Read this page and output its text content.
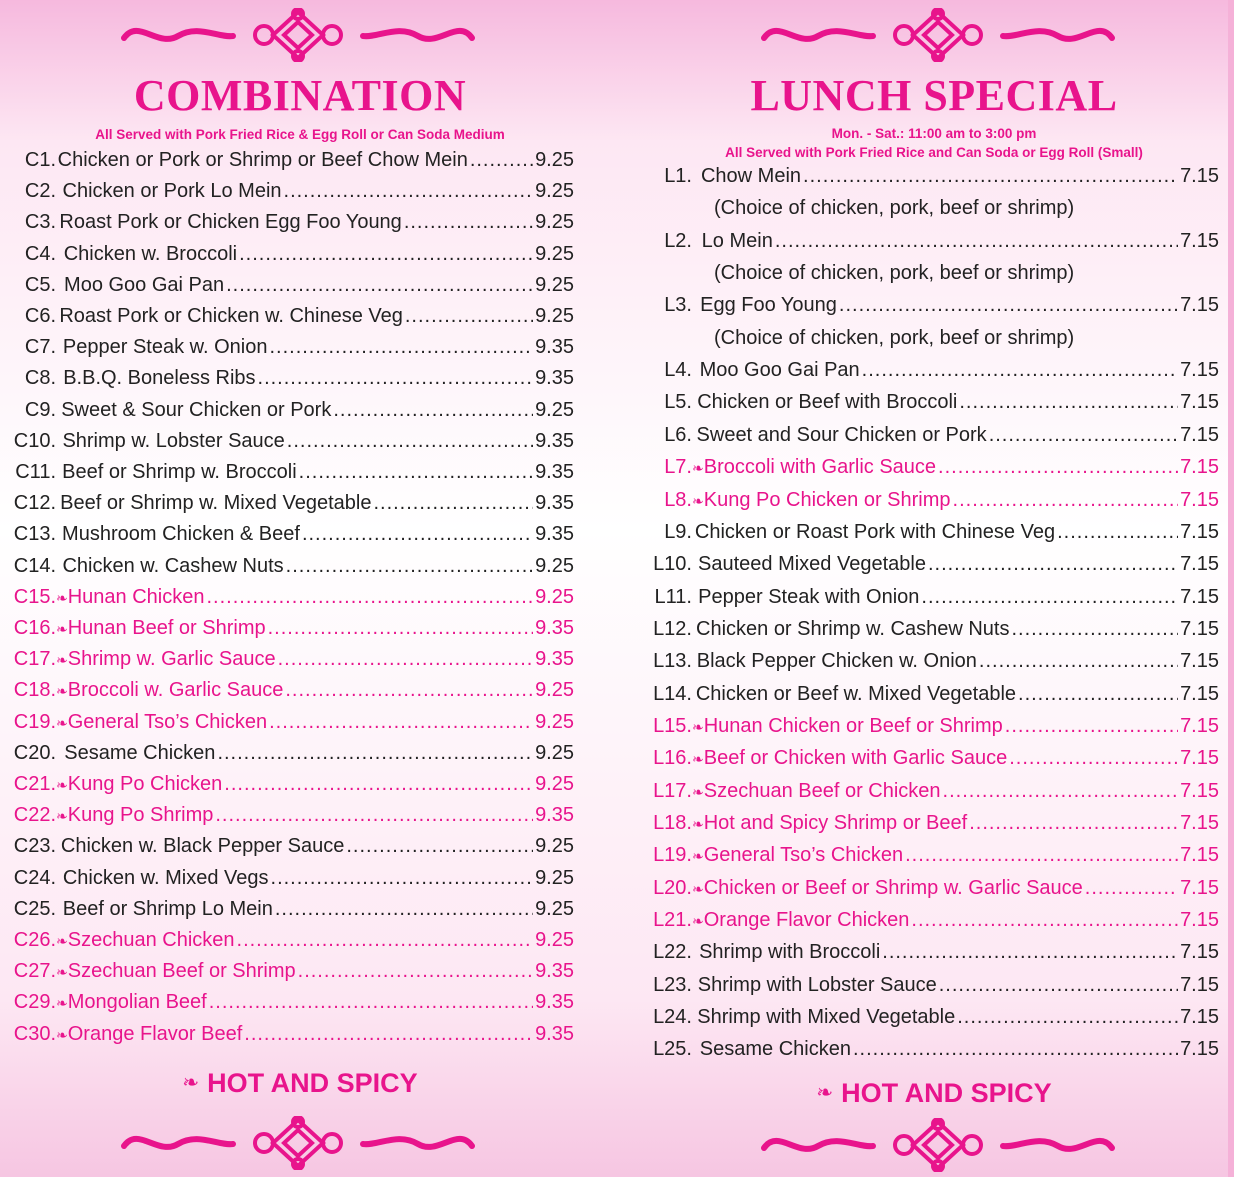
COMBINATION

All Served with Pork Fried Rice & Egg Roll or Can Soda Medium

C1. Chicken or Pork or Shrimp or Beef Chow Mein .....	9.25
C2. Chicken or Pork Lo Mein .....	9.25
C3. Roast Pork or Chicken Egg Foo Young .....	9.25
C4. Chicken w. Broccoli .....	9.25
C5. Moo Goo Gai Pan .....	9.25
C6. Roast Pork or Chicken w. Chinese Veg .....	9.25
C7. Pepper Steak w. Onion .....	9.35
C8. B.B.Q. Boneless Ribs .....	9.35
C9. Sweet & Sour Chicken or Pork .....	9.25
C10. Shrimp w. Lobster Sauce .....	9.35
C11. Beef or Shrimp w. Broccoli .....	9.35
C12. Beef or Shrimp w. Mixed Vegetable .....	9.35
C13. Mushroom Chicken & Beef .....	9.35
C14. Chicken w. Cashew Nuts .....	9.25
C15. ❧ Hunan Chicken .....	9.25
C16. ❧ Hunan Beef or Shrimp .....	9.35
C17. ❧ Shrimp w. Garlic Sauce .....	9.35
C18. ❧ Broccoli w. Garlic Sauce .....	9.25
C19. ❧ General Tso’s Chicken .....	9.25
C20. Sesame Chicken .....	9.25
C21. ❧ Kung Po Chicken .....	9.25
C22. ❧ Kung Po Shrimp .....	9.35
C23. Chicken w. Black Pepper Sauce .....	9.25
C24. Chicken w. Mixed Vegs .....	9.25
C25. Beef or Shrimp Lo Mein .....	9.25
C26. ❧ Szechuan Chicken .....	9.25
C27. ❧ Szechuan Beef or Shrimp .....	9.35
C29. ❧ Mongolian Beef .....	9.35
C30. ❧ Orange Flavor Beef .....	9.35
❧ HOT AND SPICY
LUNCH SPECIAL

Mon. - Sat.: 11:00 am to 3:00 pm

All Served with Pork Fried Rice and Can Soda or Egg Roll (Small)

L1. Chow Mein .....	7.15
(Choice of chicken, pork, beef or shrimp)
L2. Lo Mein .....	7.15
(Choice of chicken, pork, beef or shrimp)
L3. Egg Foo Young .....	7.15
(Choice of chicken, pork, beef or shrimp)
L4. Moo Goo Gai Pan .....	7.15
L5. Chicken or Beef with Broccoli .....	7.15
L6. Sweet and Sour Chicken or Pork .....	7.15
L7. ❧ Broccoli with Garlic Sauce .....	7.15
L8. ❧ Kung Po Chicken or Shrimp .....	7.15
L9. Chicken or Roast Pork with Chinese Veg .....	7.15
L10. Sauteed Mixed Vegetable .....	7.15
L11. Pepper Steak with Onion .....	7.15
L12. Chicken or Shrimp w. Cashew Nuts .....	7.15
L13. Black Pepper Chicken w. Onion .....	7.15
L14. Chicken or Beef w. Mixed Vegetable .....	7.15
L15. ❧ Hunan Chicken or Beef or Shrimp .....	7.15
L16. ❧ Beef or Chicken with Garlic Sauce .....	7.15
L17. ❧ Szechuan Beef or Chicken .....	7.15
L18. ❧ Hot and Spicy Shrimp or Beef .....	7.15
L19. ❧ General Tso’s Chicken .....	7.15
L20. ❧ Chicken or Beef or Shrimp w. Garlic Sauce .....	7.15
L21. ❧ Orange Flavor Chicken .....	7.15
L22. Shrimp with Broccoli .....	7.15
L23. Shrimp with Lobster Sauce .....	7.15
L24. Shrimp with Mixed Vegetable .....	7.15
L25. Sesame Chicken .....	7.15
❧ HOT AND SPICY
